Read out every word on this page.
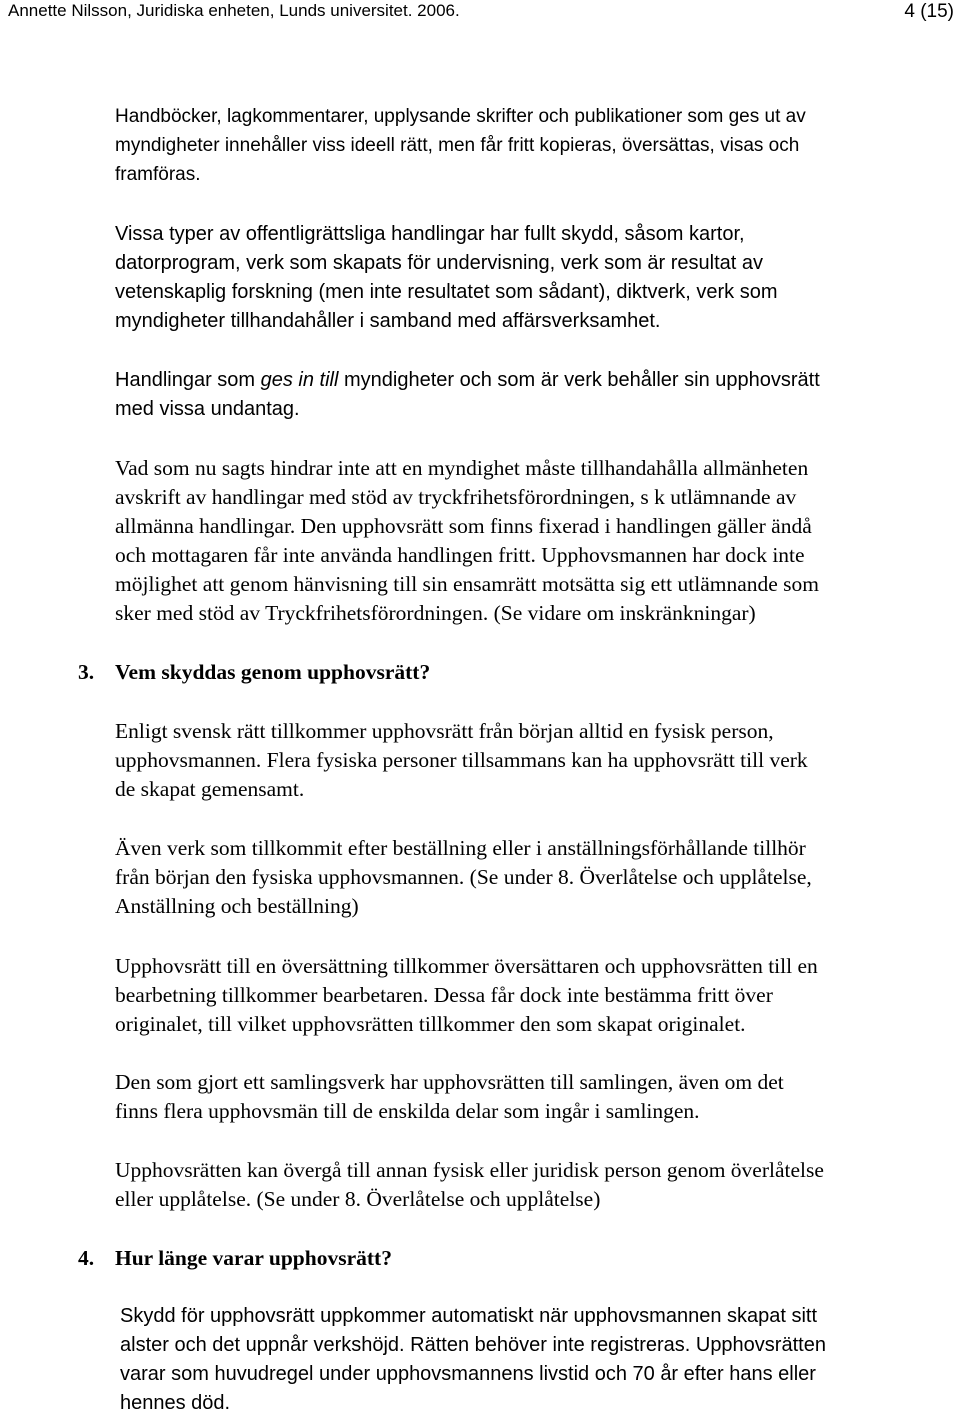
Annette Nilsson, Juridiska enheten, Lunds universitet. 2006.	4 (15)

Handböcker, lagkommentarer, upplysande skrifter och publikationer som ges ut av
myndigheter innehåller viss ideell rätt, men får fritt kopieras, översättas, visas och
framföras.

Vissa typer av offentligrättsliga handlingar har fullt skydd, såsom kartor,
datorprogram, verk som skapats för undervisning, verk som är resultat av
vetenskaplig forskning (men inte resultatet som sådant), diktverk, verk som
myndigheter tillhandahåller i samband med affärsverksamhet.

Handlingar som ges in till myndigheter och som är verk behåller sin upphovsrätt
med vissa undantag.

Vad som nu sagts hindrar inte att en myndighet måste tillhandahålla allmänheten
avskrift av handlingar med stöd av tryckfrihetsförordningen, s k utlämnande av
allmänna handlingar. Den upphovsrätt som finns fixerad i handlingen gäller ändå
och mottagaren får inte använda handlingen fritt. Upphovsmannen har dock inte
möjlighet att genom hänvisning till sin ensamrätt motsätta sig ett utlämnande som
sker med stöd av Tryckfrihetsförordningen. (Se vidare om inskränkningar)

3. Vem skyddas genom upphovsrätt?

Enligt svensk rätt tillkommer upphovsrätt från början alltid en fysisk person,
upphovsmannen. Flera fysiska personer tillsammans kan ha upphovsrätt till verk
de skapat gemensamt.

Även verk som tillkommit efter beställning eller i anställningsförhållande tillhör
från början den fysiska upphovsmannen. (Se under 8. Överlåtelse och upplåtelse,
Anställning och beställning)

Upphovsrätt till en översättning tillkommer översättaren och upphovsrätten till en
bearbetning tillkommer bearbetaren. Dessa får dock inte bestämma fritt över
originalet, till vilket upphovsrätten tillkommer den som skapat originalet.

Den som gjort ett samlingsverk har upphovsrätten till samlingen, även om det
finns flera upphovsmän till de enskilda delar som ingår i samlingen.

Upphovsrätten kan övergå till annan fysisk eller juridisk person genom överlåtelse
eller upplåtelse. (Se under 8. Överlåtelse och upplåtelse)

4. Hur länge varar upphovsrätt?

Skydd för upphovsrätt uppkommer automatiskt när upphovsmannen skapat sitt
alster och det uppnår verkshöjd. Rätten behöver inte registreras. Upphovsrätten
varar som huvudregel under upphovsmannens livstid och 70 år efter hans eller
hennes död.
